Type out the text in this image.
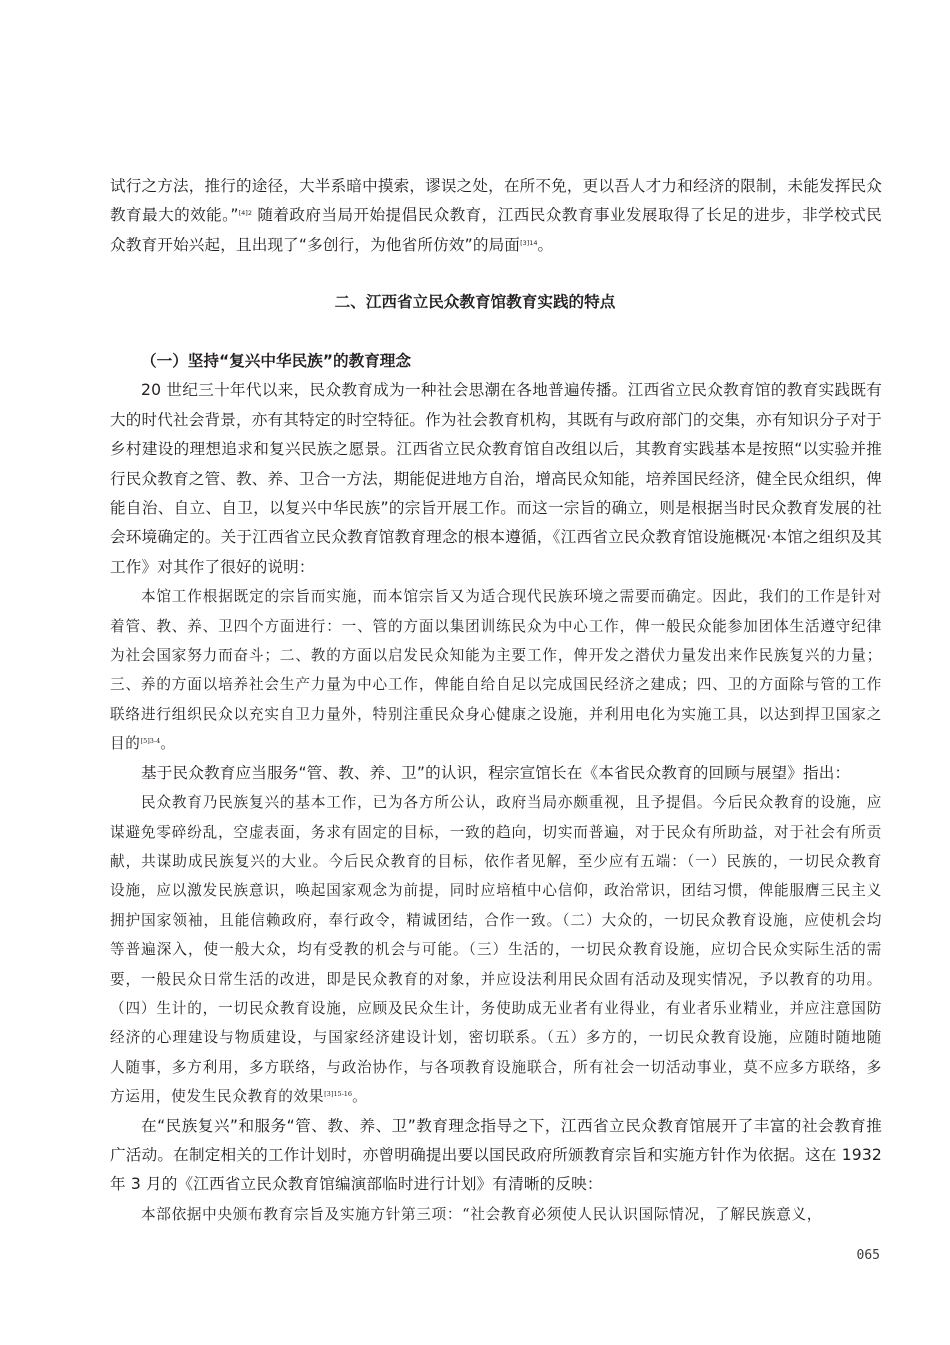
试行之方法，推行的途径，大半系暗中摸索，谬误之处，在所不免，更以吾人才力和经济的限制，未能发挥民众教育最大的效能。”$^{[4]2}$ 随着政府当局开始提倡民众教育，江西民众教育事业发展取得了长足的进步，非学校式民众教育开始兴起，且出现了“多创行，为他省所仿效”的局面$^{[3]14}$。

二、江西省立民众教育馆教育实践的特点
（一）坚持“复兴中华民族”的教育理念

20 世纪三十年代以来，民众教育成为一种社会思潮在各地普遍传播。江西省立民众教育馆的教育实践既有大的时代社会背景，亦有其特定的时空特征。作为社会教育机构，其既有与政府部门的交集，亦有知识分子对于乡村建设的理想追求和复兴民族之愿景。江西省立民众教育馆自改组以后，其教育实践基本是按照“以实验并推行民众教育之管、教、养、卫合一方法，期能促进地方自治，增高民众知能，培养国民经济，健全民众组织，俾能自治、自立、自卫，以复兴中华民族”的宗旨开展工作。而这一宗旨的确立，则是根据当时民众教育发展的社会环境确定的。关于江西省立民众教育馆教育理念的根本遵循，《江西省立民众教育馆设施概况·本馆之组织及其工作》对其作了很好的说明：

本馆工作根据既定的宗旨而实施，而本馆宗旨又为适合现代民族环境之需要而确定。因此，我们的工作是针对着管、教、养、卫四个方面进行：一、管的方面以集团训练民众为中心工作，俾一般民众能参加团体生活遵守纪律为社会国家努力而奋斗；二、教的方面以启发民众知能为主要工作，俾开发之潜伏力量发出来作民族复兴的力量；三、养的方面以培养社会生产力量为中心工作，俾能自给自足以完成国民经济之建成；四、卫的方面除与管的工作联络进行组织民众以充实自卫力量外，特别注重民众身心健康之设施，并利用电化为实施工具，以达到捍卫国家之目的$^{[5]3-4}$。

基于民众教育应当服务“管、教、养、卫”的认识，程宗宣馆长在《本省民众教育的回顾与展望》指出：

民众教育乃民族复兴的基本工作，已为各方所公认，政府当局亦颇重视，且予提倡。今后民众教育的设施，应谋避免零碎纷乱，空虚表面，务求有固定的目标，一致的趋向，切实而普遍，对于民众有所助益，对于社会有所贡献，共谋助成民族复兴的大业。今后民众教育的目标，依作者见解，至少应有五端：（一）民族的，一切民众教育设施，应以激发民族意识，唤起国家观念为前提，同时应培植中心信仰，政治常识，团结习惯，俾能服膺三民主义拥护国家领袖，且能信赖政府，奉行政令，精诚团结，合作一致。（二）大众的，一切民众教育设施，应使机会均等普遍深入，使一般大众，均有受教的机会与可能。（三）生活的，一切民众教育设施，应切合民众实际生活的需要，一般民众日常生活的改进，即是民众教育的对象，并应设法利用民众固有活动及现实情况，予以教育的功用。（四）生计的，一切民众教育设施，应顾及民众生计，务使助成无业者有业得业，有业者乐业精业，并应注意国防经济的心理建设与物质建设，与国家经济建设计划，密切联系。（五）多方的，一切民众教育设施，应随时随地随人随事，多方利用，多方联络，与政治协作，与各项教育设施联合，所有社会一切活动事业，莫不应多方联络，多方运用，使发生民众教育的效果$^{[3]15-16}$。

在“民族复兴”和服务“管、教、养、卫”教育理念指导之下，江西省立民众教育馆展开了丰富的社会教育推广活动。在制定相关的工作计划时，亦曾明确提出要以国民政府所颁教育宗旨和实施方针作为依据。这在 1932 年 3 月的《江西省立民众教育馆编演部临时进行计划》有清晰的反映：

本部依据中央颁布教育宗旨及实施方针第三项：“社会教育必须使人民认识国际情况，了解民族意义，

065
